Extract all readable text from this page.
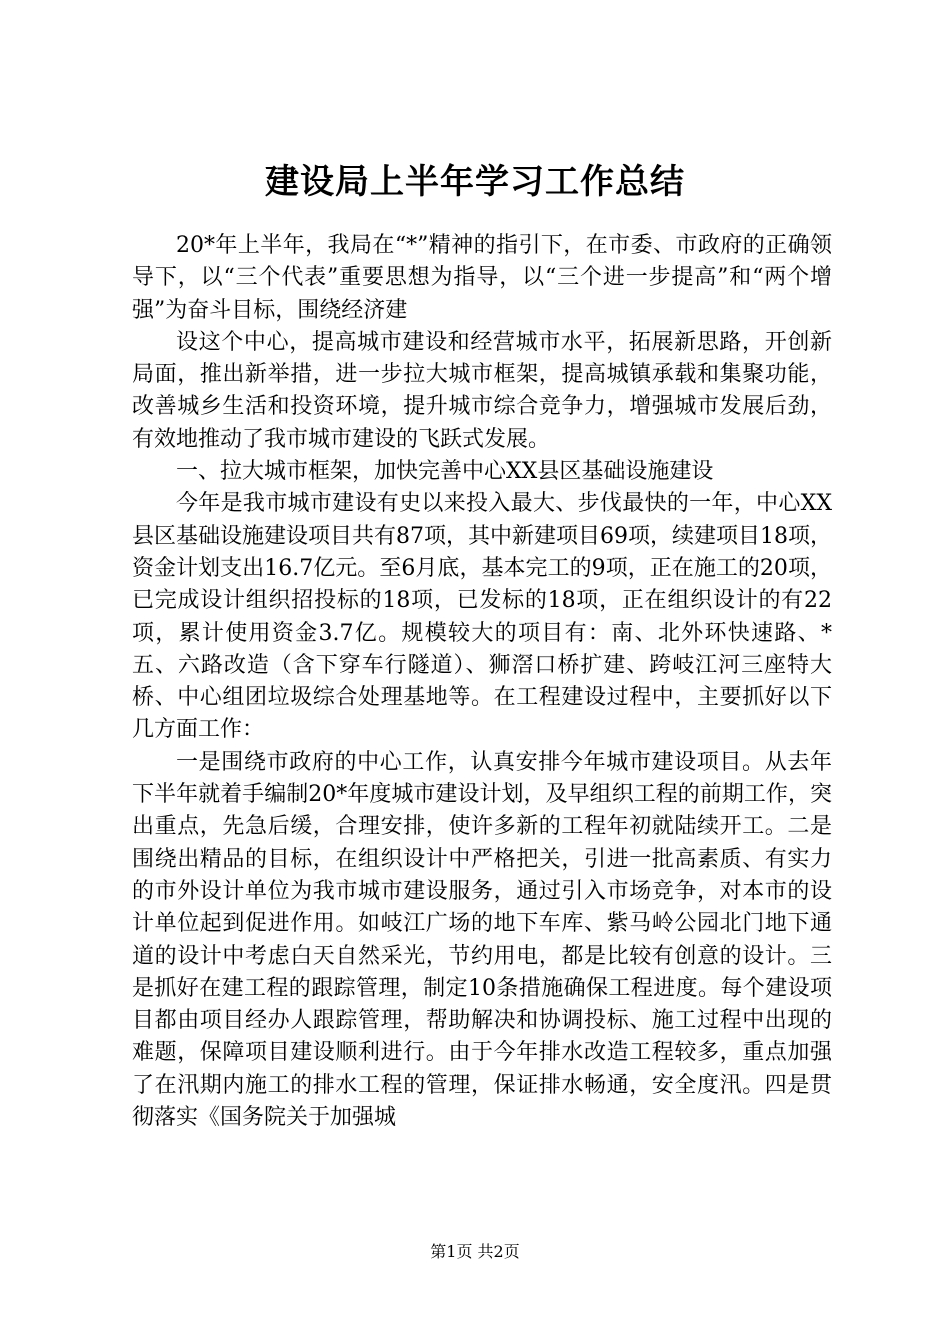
建设局上半年学习工作总结

20*年上半年，我局在“*”精神的指引下，在市委、市政府的正确领导下，以“三个代表”重要思想为指导，以“三个进一步提高”和“两个增强”为奋斗目标，围绕经济建

设这个中心，提高城市建设和经营城市水平，拓展新思路，开创新局面，推出新举措，进一步拉大城市框架，提高城镇承载和集聚功能，改善城乡生活和投资环境，提升城市综合竞争力，增强城市发展后劲，有效地推动了我市城市建设的飞跃式发展。

一、拉大城市框架，加快完善中心XX县区基础设施建设

今年是我市城市建设有史以来投入最大、步伐最快的一年，中心XX县区基础设施建设项目共有87项，其中新建项目69项，续建项目18项，资金计划支出16.7亿元。至6月底，基本完工的9项，正在施工的20项，已完成设计组织招投标的18项，已发标的18项，正在组织设计的有22项，累计使用资金3.7亿。规模较大的项目有：南、北外环快速路、*五、六路改造（含下穿车行隧道）、狮滘口桥扩建、跨岐江河三座特大桥、中心组团垃圾综合处理基地等。在工程建设过程中，主要抓好以下几方面工作：

一是围绕市政府的中心工作，认真安排今年城市建设项目。从去年下半年就着手编制20*年度城市建设计划，及早组织工程的前期工作，突出重点，先急后缓，合理安排，使许多新的工程年初就陆续开工。二是围绕出精品的目标，在组织设计中严格把关，引进一批高素质、有实力的市外设计单位为我市城市建设服务，通过引入市场竞争，对本市的设计单位起到促进作用。如岐江广场的地下车库、紫马岭公园北门地下通道的设计中考虑白天自然采光，节约用电，都是比较有创意的设计。三是抓好在建工程的跟踪管理，制定10条措施确保工程进度。每个建设项目都由项目经办人跟踪管理，帮助解决和协调投标、施工过程中出现的难题，保障项目建设顺利进行。由于今年排水改造工程较多，重点加强了在汛期内施工的排水工程的管理，保证排水畅通，安全度汛。四是贯彻落实《国务院关于加强城

第1页 共2页
